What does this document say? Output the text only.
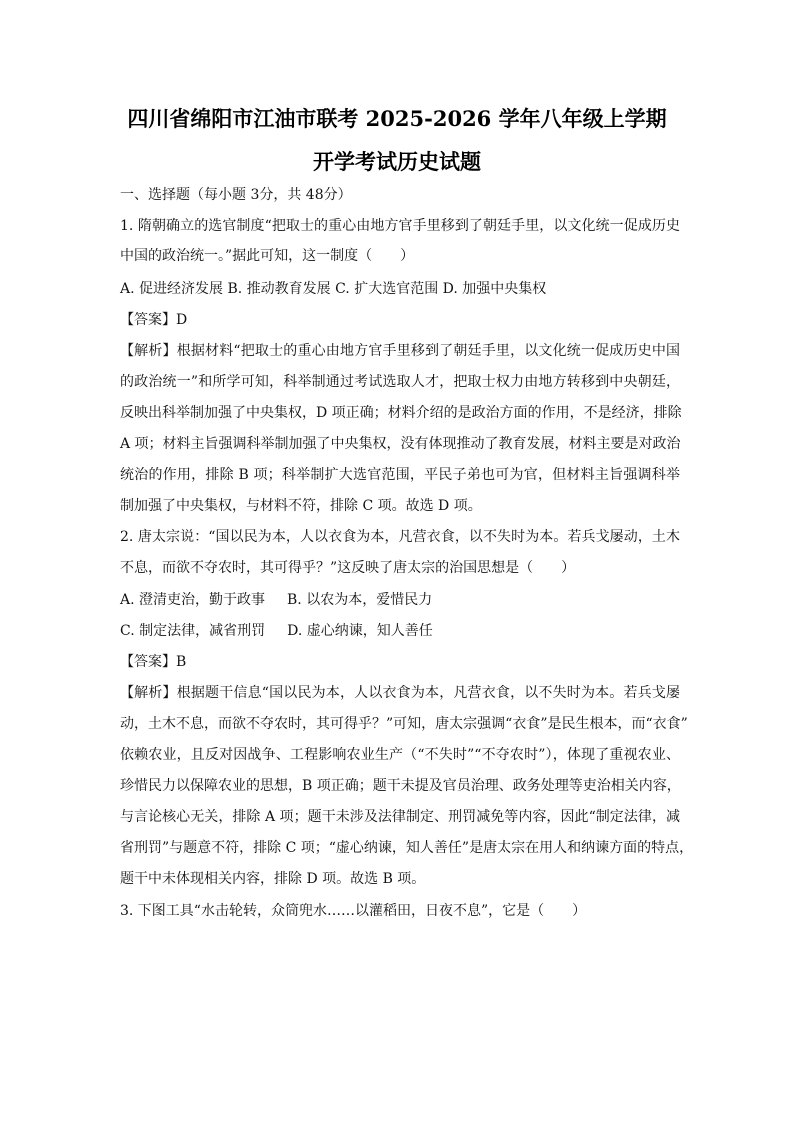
四川省绵阳市江油市联考 2025-2026 学年八年级上学期
开学考试历史试题
一、选择题（每小题 3分，共 48分）
1. 隋朝确立的选官制度“把取士的重心由地方官手里移到了朝廷手里，以文化统一促成历史
中国的政治统一。”据此可知，这一制度（　　）
A. 促进经济发展 B. 推动教育发展 C. 扩大选官范围 D. 加强中央集权
【答案】D
【解析】根据材料“把取士的重心由地方官手里移到了朝廷手里，以文化统一促成历史中国
的政治统一”和所学可知，科举制通过考试选取人才，把取士权力由地方转移到中央朝廷，
反映出科举制加强了中央集权，D 项正确；材料介绍的是政治方面的作用，不是经济，排除
A 项；材料主旨强调科举制加强了中央集权，没有体现推动了教育发展，材料主要是对政治
统治的作用，排除 B 项；科举制扩大选官范围，平民子弟也可为官，但材料主旨强调科举
制加强了中央集权，与材料不符，排除 C 项。故选 D 项。
2. 唐太宗说：“国以民为本，人以衣食为本，凡营衣食，以不失时为本。若兵戈屡动，土木
不息，而欲不夺农时，其可得乎？”这反映了唐太宗的治国思想是（　　）
A. 澄清吏治，勤于政事 B. 以农为本，爱惜民力
C. 制定法律，减省刑罚 D. 虚心纳谏，知人善任
【答案】B
【解析】根据题干信息“国以民为本，人以衣食为本，凡营衣食，以不失时为本。若兵戈屡
动，土木不息，而欲不夺农时，其可得乎？”可知，唐太宗强调“衣食”是民生根本，而“衣食”
依赖农业，且反对因战争、工程影响农业生产（“不失时”“不夺农时”），体现了重视农业、
珍惜民力以保障农业的思想，B 项正确；题干未提及官员治理、政务处理等吏治相关内容，
与言论核心无关，排除 A 项；题干未涉及法律制定、刑罚减免等内容，因此“制定法律，减
省刑罚”与题意不符，排除 C 项；“虚心纳谏，知人善任”是唐太宗在用人和纳谏方面的特点，
题干中未体现相关内容，排除 D 项。故选 B 项。
3. 下图工具“水击轮转，众筒兜水……以灌稻田，日夜不息”，它是（　　）
